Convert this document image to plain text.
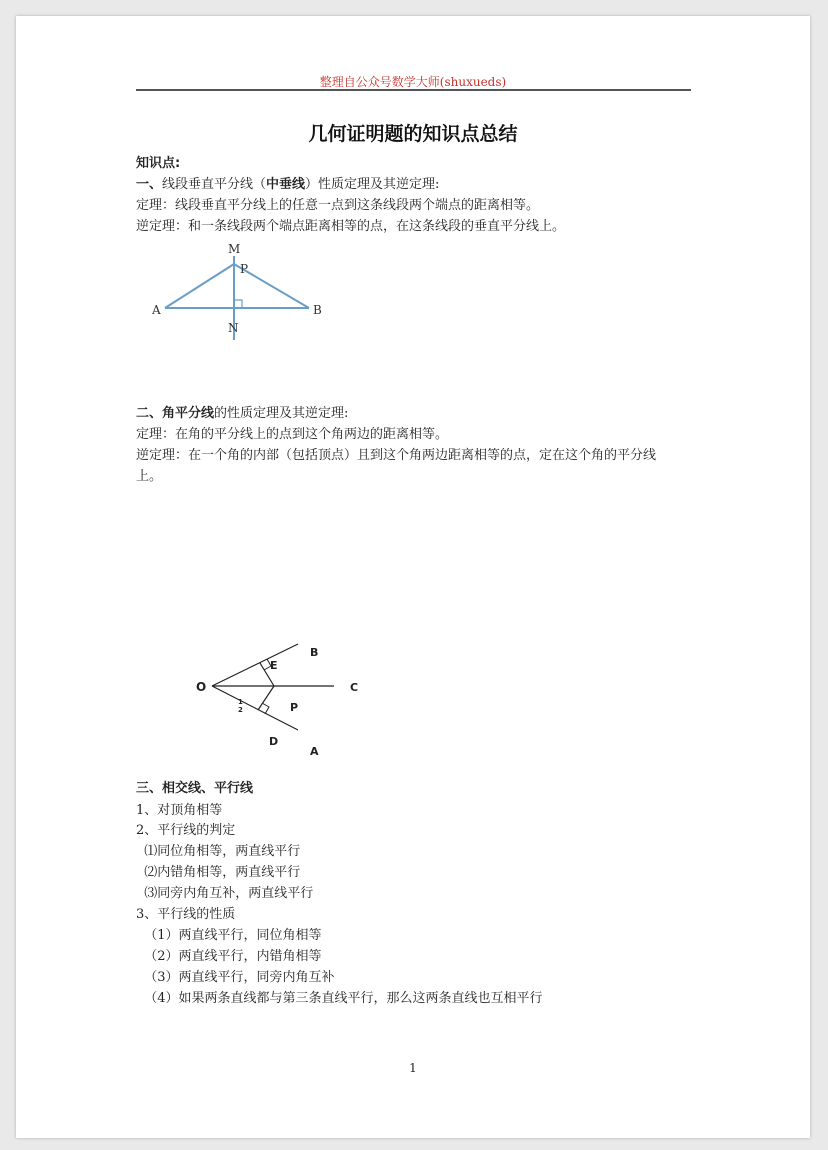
整理自公众号数学大师(shuxueds)
几何证明题的知识点总结
知识点:
一、线段垂直平分线（中垂线）性质定理及其逆定理:
定理：线段垂直平分线上的任意一点到这条线段两个端点的距离相等。
逆定理：和一条线段两个端点距离相等的点，在这条线段的垂直平分线上。
M
P
A	B
N
二、角平分线的性质定理及其逆定理:
定理：在角的平分线上的点到这个角两边的距离相等。
逆定理：在一个角的内部（包括顶点）且到这个角两边距离相等的点，定在这个角的平分线
上。
O
E
B
P
C
D
A
1
2
三、相交线、平行线
1、对顶角相等
2、平行线的判定
⑴同位角相等，两直线平行
⑵内错角相等，两直线平行
⑶同旁内角互补，两直线平行
3、平行线的性质
（1）两直线平行，同位角相等
（2）两直线平行，内错角相等
（3）两直线平行，同旁内角互补
（4）如果两条直线都与第三条直线平行，那么这两条直线也互相平行
1
